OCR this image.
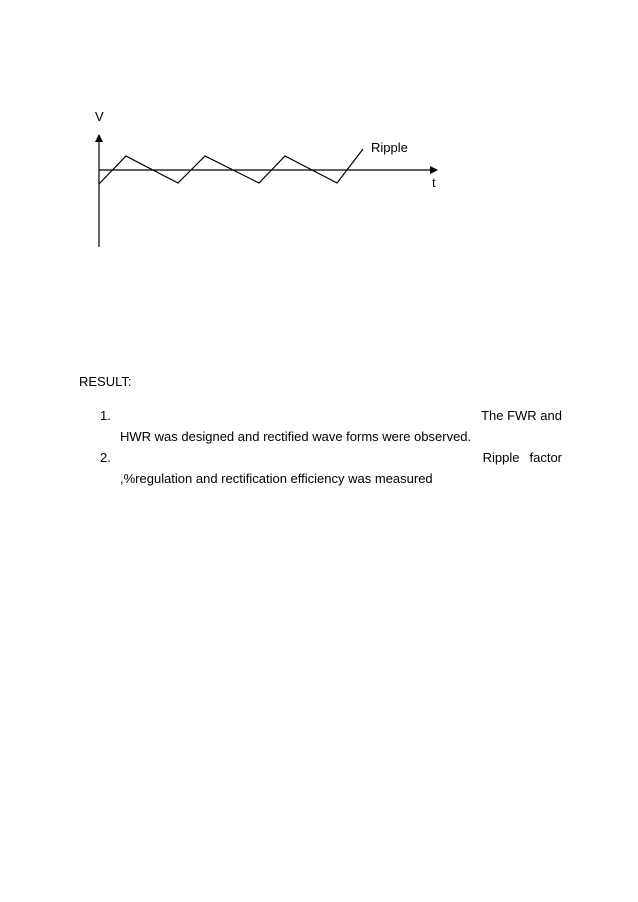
V
t
Ripple

RESULT:

1.	The FWR and
HWR was designed and rectified wave forms were observed.
2.	Ripple factor
,%regulation and rectification efficiency was measured
